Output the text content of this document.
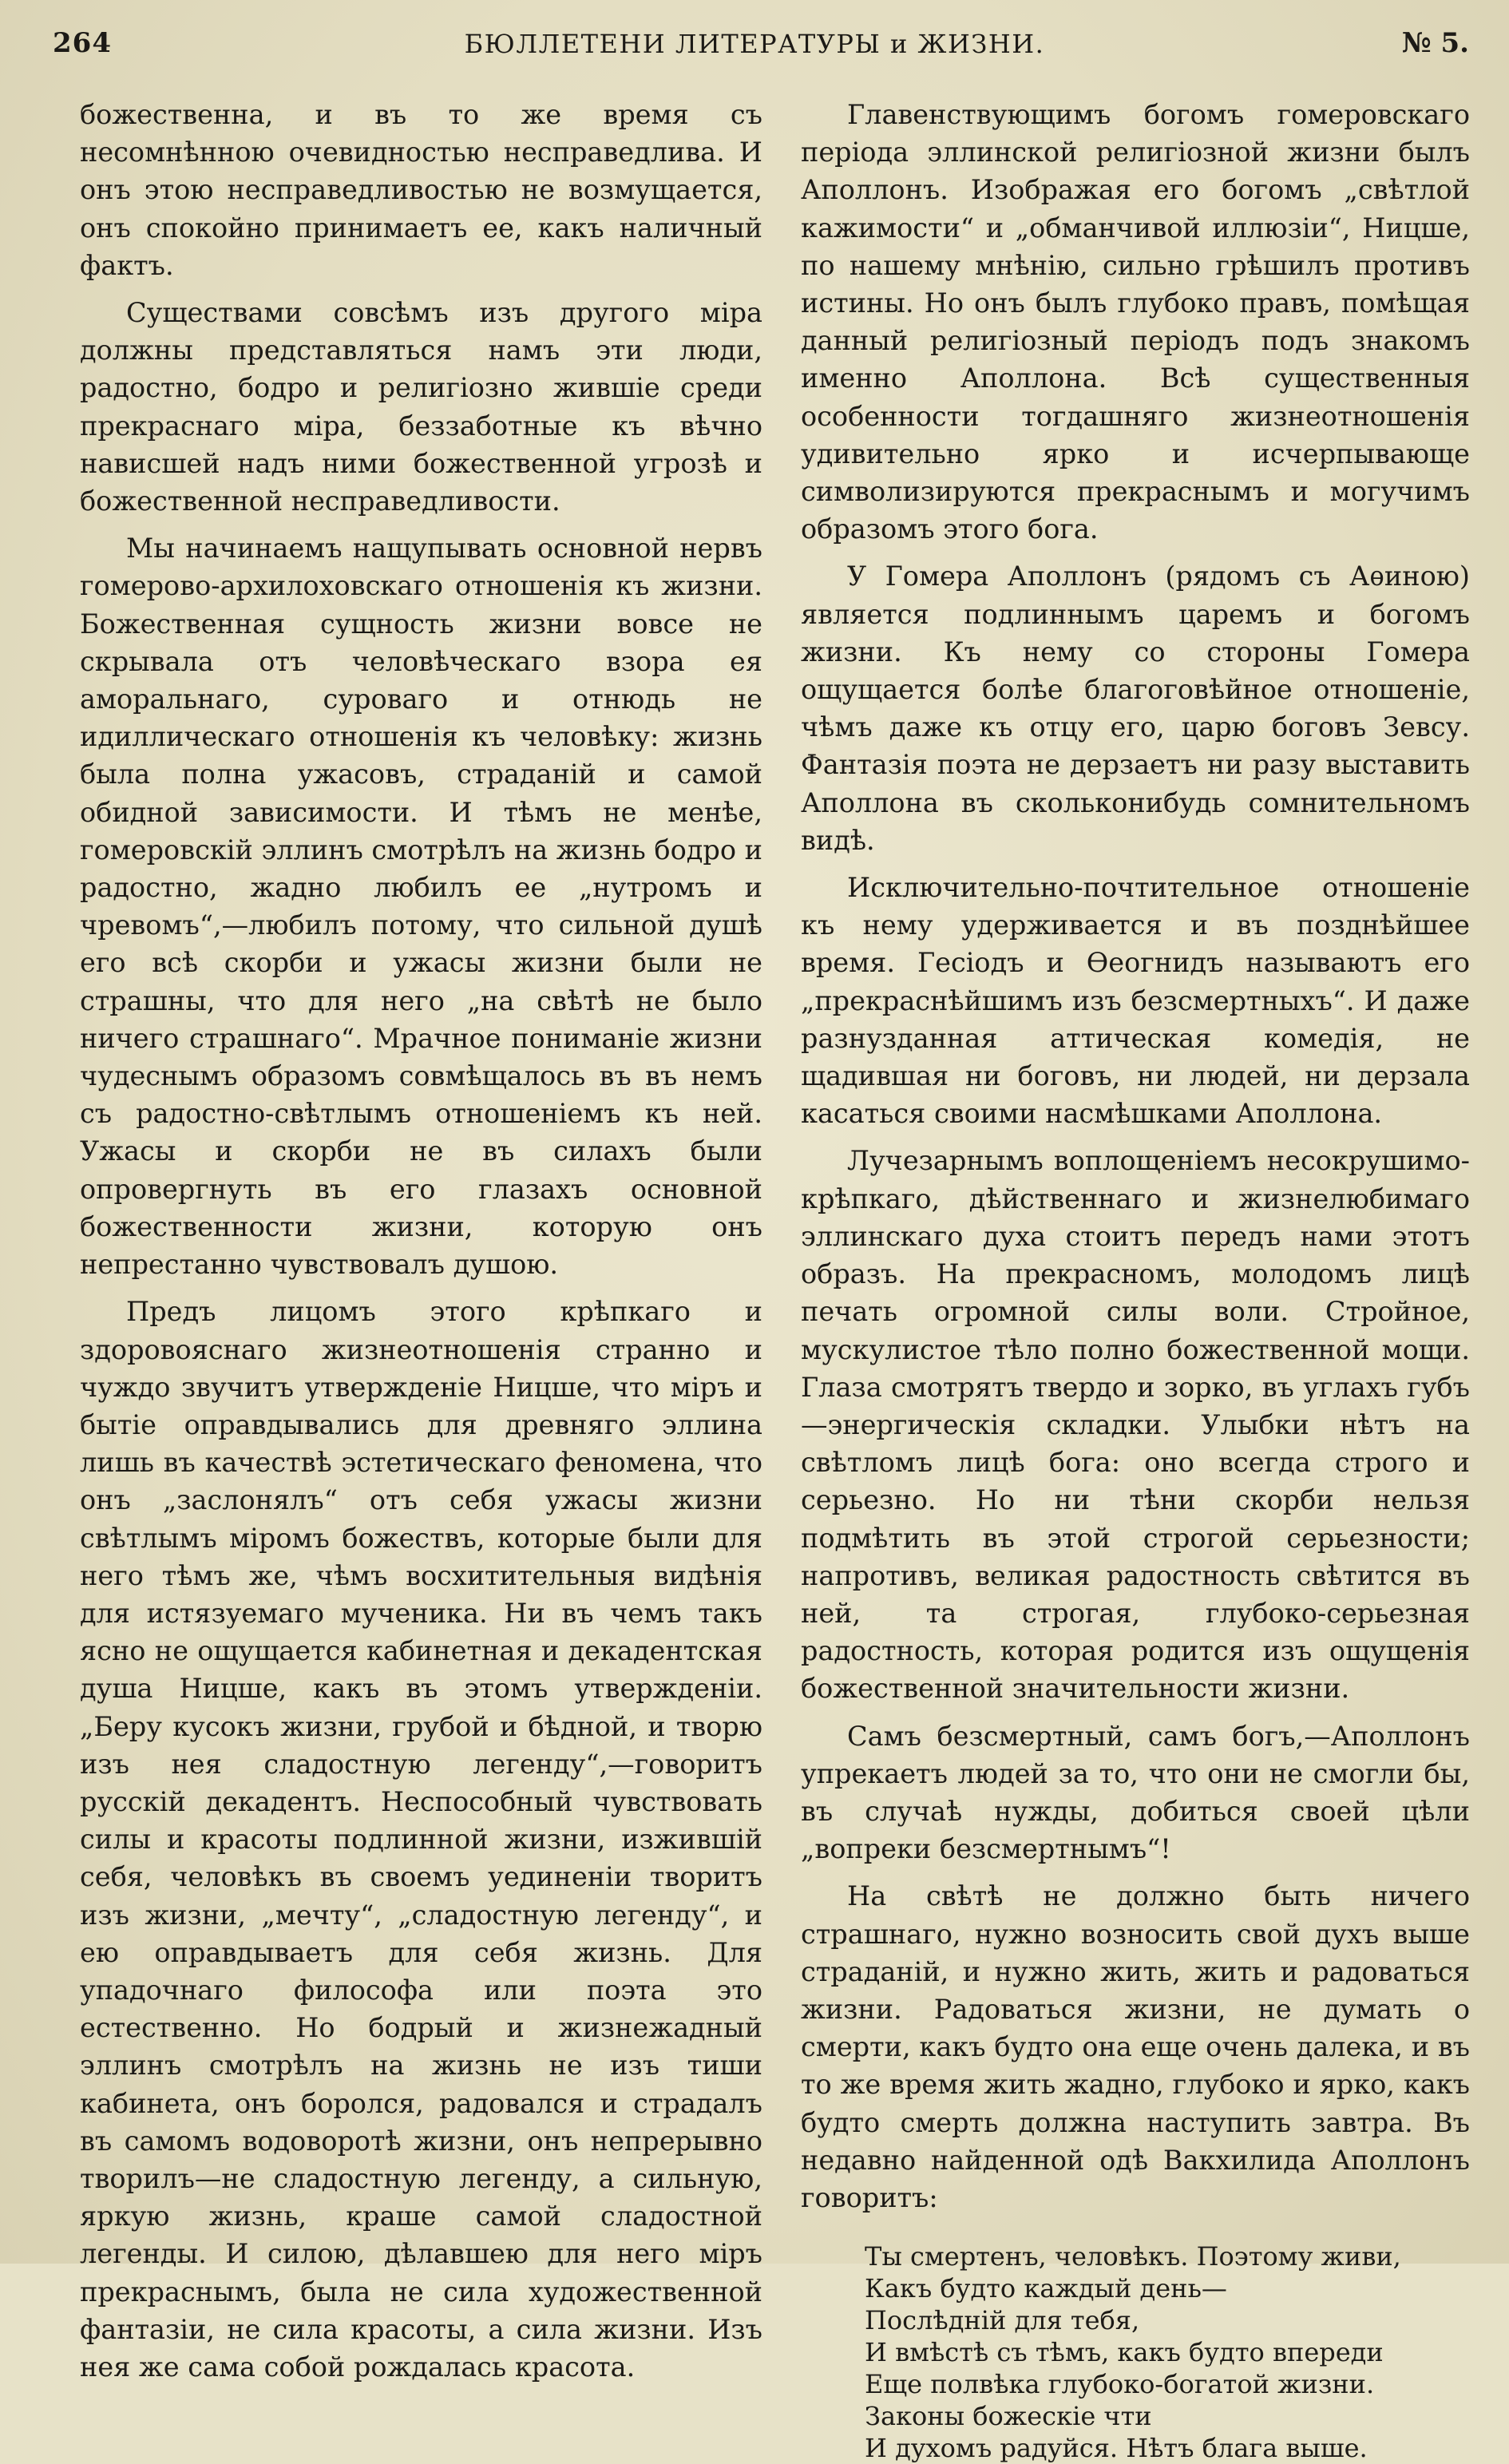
264	БЮЛЛЕТЕНИ ЛИТЕРАТУРЫ и ЖИЗНИ.	№ 5.

божественна, и въ то же время съ несомнѣнною очевидностью несправедлива. И онъ этою несправедливостью не возмущается, онъ спокойно принимаетъ ее, какъ наличный фактъ.

Существами совсѣмъ изъ другого міра должны представляться намъ эти люди, радостно, бодро и религіозно жившіе среди прекраснаго міра, беззаботные къ вѣчно нависшей надъ ними божественной угрозѣ и божественной несправедливости.

Мы начинаемъ нащупывать основной нервъ гомерово-архилоховскаго отношенія къ жизни. Божественная сущность жизни вовсе не скрывала отъ человѣческаго взора ея аморальнаго, суроваго и отнюдь не идиллическаго отношенія къ человѣку: жизнь была полна ужасовъ, страданій и самой обидной зависимости. И тѣмъ не менѣе, гомеровскій эллинъ смотрѣлъ на жизнь бодро и радостно, жадно любилъ ее „нутромъ и чревомъ“,—любилъ потому, что сильной душѣ его всѣ скорби и ужасы жизни были не страшны, что для него „на свѣтѣ не было ничего страшнаго“. Мрачное пониманіе жизни чудеснымъ образомъ совмѣщалось въ въ немъ съ радостно-свѣтлымъ отношеніемъ къ ней. Ужасы и скорби не въ силахъ были опровергнуть въ его глазахъ основной божественности жизни, которую онъ непрестанно чувствовалъ душою.

Предъ лицомъ этого крѣпкаго и здоровояснаго жизнеотношенія странно и чуждо звучитъ утвержденіе Ницше, что міръ и бытіе оправдывались для древняго эллина лишь въ качествѣ эстетическаго феномена, что онъ „заслонялъ“ отъ себя ужасы жизни свѣтлымъ міромъ божествъ, которые были для него тѣмъ же, чѣмъ восхитительныя видѣнія для истязуемаго мученика. Ни въ чемъ такъ ясно не ощущается кабинетная и декадентская душа Ницше, какъ въ этомъ утвержденіи. „Беру кусокъ жизни, грубой и бѣдной, и творю изъ нея сладостную легенду“,—говоритъ русскій декадентъ. Неспособный чувствовать силы и красоты подлинной жизни, изжившій себя, человѣкъ въ своемъ уединеніи творитъ изъ жизни, „мечту“, „сладостную легенду“, и ею оправдываетъ для себя жизнь. Для упадочнаго философа или поэта это естественно. Но бодрый и жизнежадный эллинъ смотрѣлъ на жизнь не изъ тиши кабинета, онъ боролся, радовался и страдалъ въ самомъ водоворотѣ жизни, онъ непрерывно творилъ—не сладостную легенду, а сильную, яркую жизнь, краше самой сладостной легенды. И силою, дѣлавшею для него міръ прекраснымъ, была не сила художественной фантазіи, не сила красоты, а сила жизни. Изъ нея же сама собой рождалась красота.

Главенствующимъ богомъ гомеровскаго періода эллинской религіозной жизни былъ Аполлонъ. Изображая его богомъ „свѣтлой кажимости“ и „обманчивой иллюзіи“, Ницше, по нашему мнѣнію, сильно грѣшилъ противъ истины. Но онъ былъ глубоко правъ, помѣщая данный религіозный періодъ подъ знакомъ именно Аполлона. Всѣ существенныя особенности тогдашняго жизнеотношенія удивительно ярко и исчерпывающе символизируются прекраснымъ и могучимъ образомъ этого бога.

У Гомера Аполлонъ (рядомъ съ Аѳиною) является подлиннымъ царемъ и богомъ жизни. Къ нему со стороны Гомера ощущается болѣе благоговѣйное отношеніе, чѣмъ даже къ отцу его, царю боговъ Зевсу. Фантазія поэта не дерзаетъ ни разу выставить Аполлона въ скольконибудь сомнительномъ видѣ.

Исключительно-почтительное отношеніе къ нему удерживается и въ позднѣйшее время. Гесіодъ и Ѳеогнидъ называютъ его „прекраснѣйшимъ изъ безсмертныхъ“. И даже разнузданная аттическая комедія, не щадившая ни боговъ, ни людей, ни дерзала касаться своими насмѣшками Аполлона.

Лучезарнымъ воплощеніемъ несокрушимо-крѣпкаго, дѣйственнаго и жизнелюбимаго эллинскаго духа стоитъ передъ нами этотъ образъ. На прекрасномъ, молодомъ лицѣ печать огромной силы воли. Стройное, мускулистое тѣло полно божественной мощи. Глаза смотрятъ твердо и зорко, въ углахъ губъ—энергическія складки. Улыбки нѣтъ на свѣтломъ лицѣ бога: оно всегда строго и серьезно. Но ни тѣни скорби нельзя подмѣтить въ этой строгой серьезности; напротивъ, великая радостность свѣтится въ ней, та строгая, глубоко-серьезная радостность, которая родится изъ ощущенія божественной значительности жизни.

Самъ безсмертный, самъ богъ,—Аполлонъ упрекаетъ людей за то, что они не смогли бы, въ случаѣ нужды, добиться своей цѣли „вопреки безсмертнымъ“!

На свѣтѣ не должно быть ничего страшнаго, нужно возносить свой духъ выше страданій, и нужно жить, жить и радоваться жизни. Радоваться жизни, не думать о смерти, какъ будто она еще очень далека, и въ то же время жить жадно, глубоко и ярко, какъ будто смерть должна наступить завтра. Въ недавно найденной одѣ Вакхилида Аполлонъ говоритъ:

Ты смертенъ, человѣкъ. Поэтому живи,
Какъ будто каждый день—
Послѣдній для тебя,
И вмѣстѣ съ тѣмъ, какъ будто впереди
Еще полвѣка глубоко-богатой жизни.
Законы божескіе чти
И духомъ радуйся. Нѣтъ блага выше.
